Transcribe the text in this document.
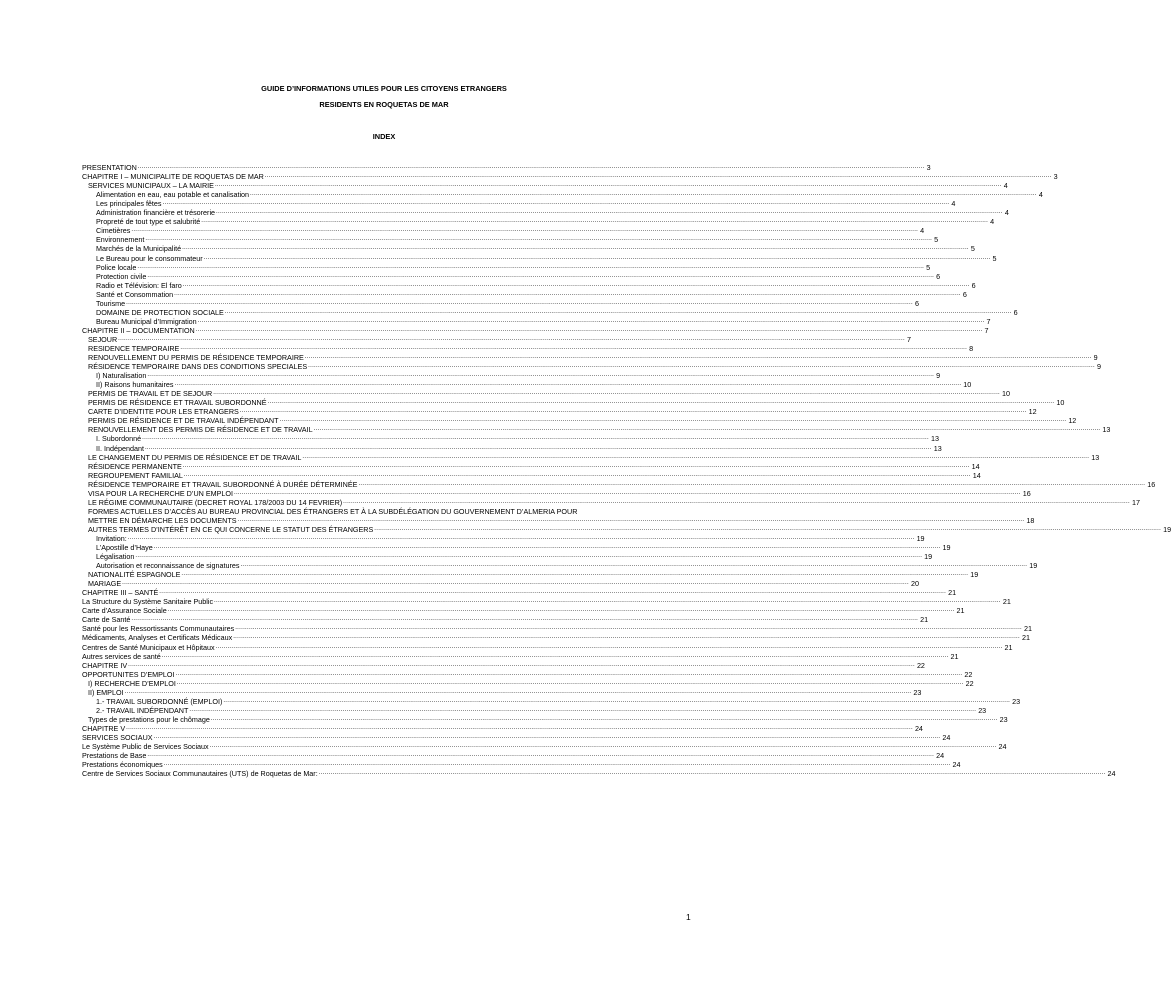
GUIDE D’INFORMATIONS UTILES POUR LES CITOYENS ETRANGERS
RESIDENTS EN ROQUETAS DE MAR
INDEX
PRESENTATION ................................................................................................................................................................................................................................................................................................................................................................................................................ 3
CHAPITRE I – MUNICIPALITE DE ROQUETAS DE MAR ................................................................................................................................................................................................................................................................................................................................................................................................................ 3
SERVICES MUNICIPAUX – LA MAIRIE ................................................................................................................................................................................................................................................................................................................................................................................................................ 4
Alimentation en eau, eau potable et canalisation ................................................................................................................................................................................................................................................................................................................................................................................................................ 4
Les principales fêtes ................................................................................................................................................................................................................................................................................................................................................................................................................ 4
Administration financière et trésorerie ................................................................................................................................................................................................................................................................................................................................................................................................................ 4
Propreté de tout type et salubrité ................................................................................................................................................................................................................................................................................................................................................................................................................ 4
Cimetières ................................................................................................................................................................................................................................................................................................................................................................................................................ 4
Environnement ................................................................................................................................................................................................................................................................................................................................................................................................................ 5
Marchés de la Municipalité ................................................................................................................................................................................................................................................................................................................................................................................................................ 5
Le Bureau pour le consommateur ................................................................................................................................................................................................................................................................................................................................................................................................................ 5
Police locale ................................................................................................................................................................................................................................................................................................................................................................................................................ 5
Protection civile ................................................................................................................................................................................................................................................................................................................................................................................................................ 6
Radio et Télévision: El faro ................................................................................................................................................................................................................................................................................................................................................................................................................ 6
Santé et Consommation ................................................................................................................................................................................................................................................................................................................................................................................................................ 6
Tourisme ................................................................................................................................................................................................................................................................................................................................................................................................................ 6
DOMAINE DE PROTECTION SOCIALE ................................................................................................................................................................................................................................................................................................................................................................................................................ 6
Bureau Municipal d’Immigration ................................................................................................................................................................................................................................................................................................................................................................................................................ 7
CHAPITRE II – DOCUMENTATION ................................................................................................................................................................................................................................................................................................................................................................................................................ 7
SEJOUR ................................................................................................................................................................................................................................................................................................................................................................................................................ 7
RESIDENCE TEMPORAIRE ................................................................................................................................................................................................................................................................................................................................................................................................................ 8
RENOUVELLEMENT DU PERMIS DE RÉSIDENCE TEMPORAIRE ................................................................................................................................................................................................................................................................................................................................................................................................................ 9
RÉSIDENCE TEMPORAIRE DANS DES CONDITIONS SPECIALES ................................................................................................................................................................................................................................................................................................................................................................................................................ 9
I) Naturalisation ................................................................................................................................................................................................................................................................................................................................................................................................................ 9
II) Raisons humanitaires ................................................................................................................................................................................................................................................................................................................................................................................................................ 10
PERMIS DE TRAVAIL ET DE SEJOUR ................................................................................................................................................................................................................................................................................................................................................................................................................ 10
PERMIS DE RÉSIDENCE ET TRAVAIL SUBORDONNÉ ................................................................................................................................................................................................................................................................................................................................................................................................................ 10
CARTE D’IDENTITE POUR LES ETRANGERS ................................................................................................................................................................................................................................................................................................................................................................................................................ 12
PERMIS DE RÉSIDENCE ET DE TRAVAIL INDÉPENDANT ................................................................................................................................................................................................................................................................................................................................................................................................................ 12
RENOUVELLEMENT DES PERMIS DE RÉSIDENCE ET DE TRAVAIL ................................................................................................................................................................................................................................................................................................................................................................................................................ 13
I. Subordonné ................................................................................................................................................................................................................................................................................................................................................................................................................ 13
II. Indépendant ................................................................................................................................................................................................................................................................................................................................................................................................................ 13
LE CHANGEMENT DU PERMIS DE RÉSIDENCE ET DE TRAVAIL ................................................................................................................................................................................................................................................................................................................................................................................................................ 13
RÉSIDENCE PERMANENTE ................................................................................................................................................................................................................................................................................................................................................................................................................ 14
REGROUPEMENT FAMILIAL ................................................................................................................................................................................................................................................................................................................................................................................................................ 14
RÉSIDENCE TEMPORAIRE ET TRAVAIL SUBORDONNÉ À DURÉE DÉTERMINÉE ................................................................................................................................................................................................................................................................................................................................................................................................................ 16
VISA POUR LA RECHERCHE D’UN EMPLOI ................................................................................................................................................................................................................................................................................................................................................................................................................ 16
LE RÉGIME COMMUNAUTAIRE (DECRET ROYAL 178/2003 DU 14 FEVRIER) ................................................................................................................................................................................................................................................................................................................................................................................................................ 17
FORMES ACTUELLES D’ACCÈS AU BUREAU PROVINCIAL DES ÉTRANGERS ET À LA SUBDÉLÉGATION DU GOUVERNEMENT D’ALMERIA POUR
METTRE EN DÉMARCHE LES DOCUMENTS ................................................................................................................................................................................................................................................................................................................................................................................................................ 18
AUTRES TERMES D’INTÉRÊT EN CE QUI CONCERNE LE STATUT DES ÉTRANGERS ................................................................................................................................................................................................................................................................................................................................................................................................................ 19
Invitation: ................................................................................................................................................................................................................................................................................................................................................................................................................ 19
L’Apostille d’Haye ................................................................................................................................................................................................................................................................................................................................................................................................................ 19
Légalisation ................................................................................................................................................................................................................................................................................................................................................................................................................ 19
Autorisation et reconnaissance de signatures ................................................................................................................................................................................................................................................................................................................................................................................................................ 19
NATIONALITÉ ESPAGNOLE ................................................................................................................................................................................................................................................................................................................................................................................................................ 19
MARIAGE ................................................................................................................................................................................................................................................................................................................................................................................................................ 20
CHAPITRE III – SANTÉ ................................................................................................................................................................................................................................................................................................................................................................................................................ 21
La Structure du Système Sanitaire Public ................................................................................................................................................................................................................................................................................................................................................................................................................ 21
Carte d’Assurance Sociale ................................................................................................................................................................................................................................................................................................................................................................................................................ 21
Carte de Santé ................................................................................................................................................................................................................................................................................................................................................................................................................ 21
Santé pour les Ressortissants Communautaires ................................................................................................................................................................................................................................................................................................................................................................................................................ 21
Médicaments, Analyses et Certificats Médicaux ................................................................................................................................................................................................................................................................................................................................................................................................................ 21
Centres de Santé Municipaux et Hôpitaux ................................................................................................................................................................................................................................................................................................................................................................................................................ 21
Autres services de santé ................................................................................................................................................................................................................................................................................................................................................................................................................ 21
CHAPITRE IV ................................................................................................................................................................................................................................................................................................................................................................................................................ 22
OPPORTUNITES D’EMPLOI ................................................................................................................................................................................................................................................................................................................................................................................................................ 22
I) RECHERCHE D’EMPLOI ................................................................................................................................................................................................................................................................................................................................................................................................................ 22
II) EMPLOI ................................................................................................................................................................................................................................................................................................................................................................................................................ 23
1.- TRAVAIL SUBORDONNÉ (EMPLOI) ................................................................................................................................................................................................................................................................................................................................................................................................................ 23
2.- TRAVAIL INDÉPENDANT ................................................................................................................................................................................................................................................................................................................................................................................................................ 23
Types de prestations pour le chômage ................................................................................................................................................................................................................................................................................................................................................................................................................ 23
CHAPITRE V ................................................................................................................................................................................................................................................................................................................................................................................................................ 24
SERVICES SOCIAUX ................................................................................................................................................................................................................................................................................................................................................................................................................ 24
Le Système Public de Services Sociaux ................................................................................................................................................................................................................................................................................................................................................................................................................ 24
Prestations de Base ................................................................................................................................................................................................................................................................................................................................................................................................................ 24
Prestations économiques ................................................................................................................................................................................................................................................................................................................................................................................................................ 24
Centre de Services Sociaux Communautaires (UTS) de Roquetas de Mar: ................................................................................................................................................................................................................................................................................................................................................................................................................ 24
1
